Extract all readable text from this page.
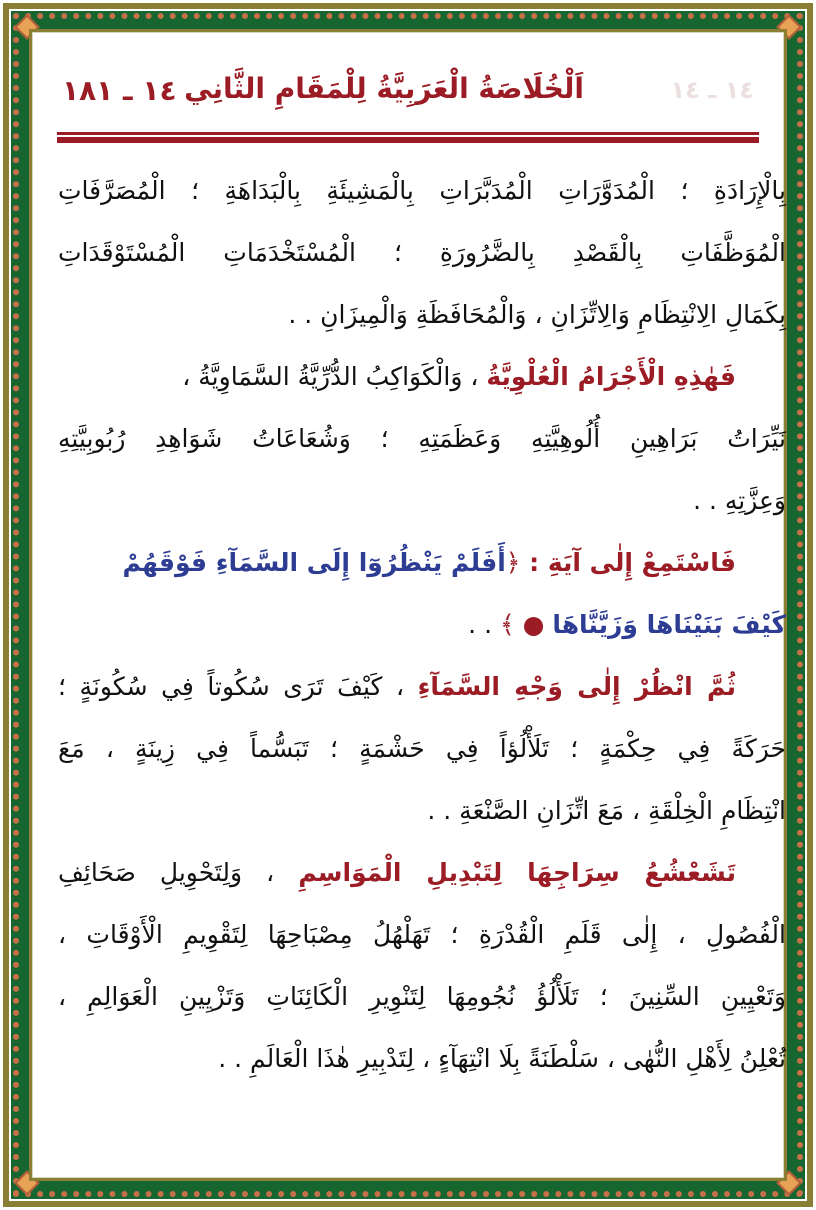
١٤ ـ ١٤
اَلْخُلَاصَةُ الْعَرَبِيَّةُ لِلْمَقَامِ الثَّانِي
١٤ ـ ١٨١
بِالْإِرَادَةِ ؛ الْمُدَوَّرَاتِ الْمُدَبَّرَاتِ بِالْمَشِيئَةِ بِالْبَدَاهَةِ ؛ الْمُصَرَّفَاتِ
الْمُوَظَّفَاتِ بِالْقَصْدِ بِالضَّرُورَةِ ؛ الْمُسْتَخْدَمَاتِ الْمُسْتَوْقَدَاتِ
بِكَمَالِ الِانْتِظَامِ وَالِاتِّزَانِ ، وَالْمُحَافَظَةِ وَالْمِيزَانِ . .
فَهٰذِهِ الْأَجْرَامُ الْعُلْوِيَّةُ ، وَالْكَوَاكِبُ الدُّرِّيَّةُ السَّمَاوِيَّةُ ،
نَيِّرَاتُ بَرَاهِينِ أُلُوهِيَّتِهِ وَعَظَمَتِهِ ؛ وَشُعَاعَاتُ شَوَاهِدِ رُبُوبِيَّتِهِ
وَعِزَّتِهِ . .
فَاسْتَمِعْ إِلٰى آيَةِ : ﴿أَفَلَمْ يَنْظُرُوٓا إِلَى السَّمَآءِ فَوْقَهُمْ
كَيْفَ بَنَيْنَاهَا وَزَيَّنَّاهَا ● ﴾ . .
ثُمَّ انْظُرْ إِلٰى وَجْهِ السَّمَآءِ ، كَيْفَ تَرَى سُكُوتاً فِي سُكُونَةٍ ؛
حَرَكَةً فِي حِكْمَةٍ ؛ تَلَأْلُؤاً فِي حَشْمَةٍ ؛ تَبَسُّماً فِي زِينَةٍ ، مَعَ
انْتِظَامِ الْخِلْقَةِ ، مَعَ اتِّزَانِ الصَّنْعَةِ . .
تَشَعْشُعُ سِرَاجِهَا لِتَبْدِيلِ الْمَوَاسِمِ ، وَلِتَحْوِيلِ صَحَائِفِ
الْفُصُولِ ، إِلٰى قَلَمِ الْقُدْرَةِ ؛ تَهَلْهُلُ مِصْبَاحِهَا لِتَقْوِيمِ الْأَوْقَاتِ ،
وَتَعْيِينِ السِّنِينَ ؛ تَلَأْلُؤُ نُجُومِهَا لِتَنْوِيرِ الْكَائِنَاتِ وَتَزْيِينِ الْعَوَالِمِ ،
تُعْلِنُ لِأَهْلِ النُّهٰى ، سَلْطَنَةً بِلَا انْتِهَآءٍ ، لِتَدْبِيرِ هٰذَا الْعَالَمِ . .
